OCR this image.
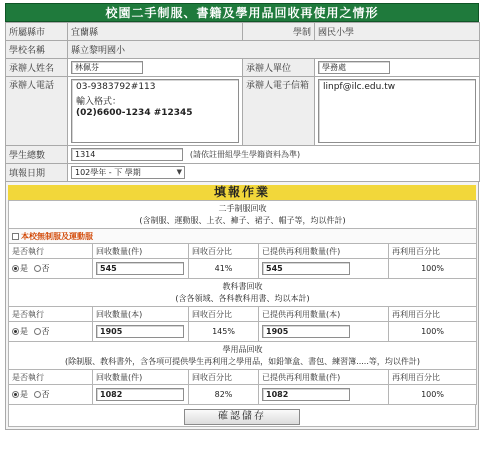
校園二手制服、書籍及學用品回收再使用之情形
所屬縣市	宜蘭縣	學制	國民小學
學校名稱	縣立黎明國小		
承辦人姓名	林佩芬	承辦人單位	學務處
承辦人電話	03-9383792#113
輸入格式：
(02)6600-1234 #12345	承辦人電子信箱	linpf@ilc.edu.tw

學生總數	1314 (請依註冊組學生學籍資料為準)		
填報日期	102學年 - 下 學期 ▼		
填報作業
二手制服回收
(含制服、運動服、上衣、褲子、裙子、帽子等，均以件計)				

本校無制服及運動服				
是否執行	回收數量(件)	回收百分比	已提供再利用數量(件)	再利用百分比
是 否	545	41%	545	100%

教科書回收
(含各領域、各科教科用書、均以本計)				

是否執行	回收數量(本)	回收百分比	已提供再利用數量(本)	再利用百分比
是 否	1905	145%	1905	100%

學用品回收
(除制服、教科書外，含各項可提供學生再利用之學用品，如鉛筆盒、書包、練習簿.....等，均以件計)				

是否執行	回收數量(件)	回收百分比	已提供再利用數量(件)	再利用百分比
是 否	1082	82%	1082	100%
確認儲存
